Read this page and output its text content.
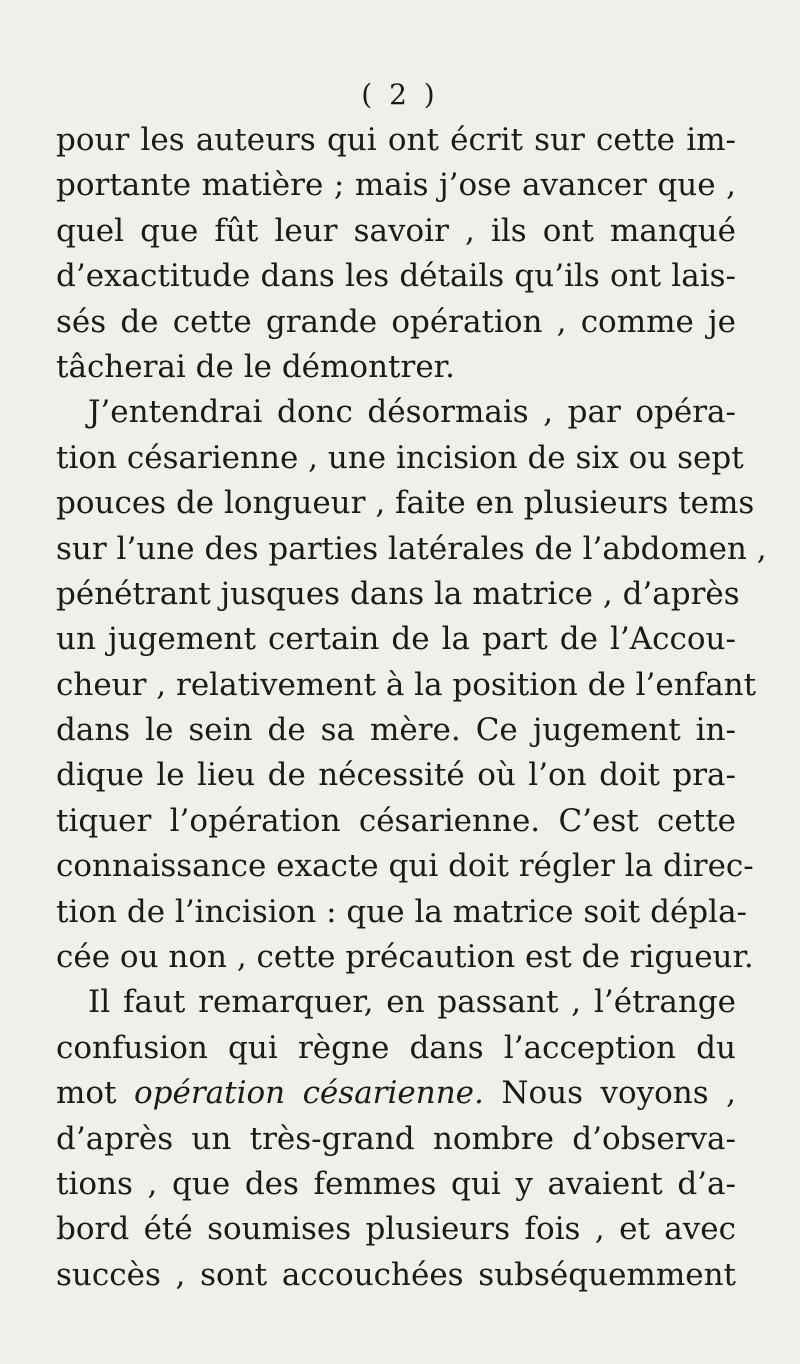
( 2 )
pour les auteurs qui ont écrit sur cette im-
portante matière ; mais j’ose avancer que ,
quel que fût leur savoir , ils ont manqué
d’exactitude dans les détails qu’ils ont lais-
sés de cette grande opération , comme je
tâcherai de le démontrer.
J’entendrai donc désormais , par opéra-
tion césarienne , une incision de six ou sept
pouces de longueur , faite en plusieurs tems
sur l’une des parties latérales de l’abdomen ,
pénétrant jusques dans la matrice , d’après
un jugement certain de la part de l’Accou-
cheur , relativement à la position de l’enfant
dans le sein de sa mère. Ce jugement in-
dique le lieu de nécessité où l’on doit pra-
tiquer l’opération césarienne. C’est cette
connaissance exacte qui doit régler la direc-
tion de l’incision : que la matrice soit dépla-
cée ou non , cette précaution est de rigueur.
Il faut remarquer, en passant , l’étrange
confusion qui règne dans l’acception du
mot opération césarienne. Nous voyons ,
d’après un très-grand nombre d’observa-
tions , que des femmes qui y avaient d’a-
bord été soumises plusieurs fois , et avec
succès , sont accouchées subséquemment
